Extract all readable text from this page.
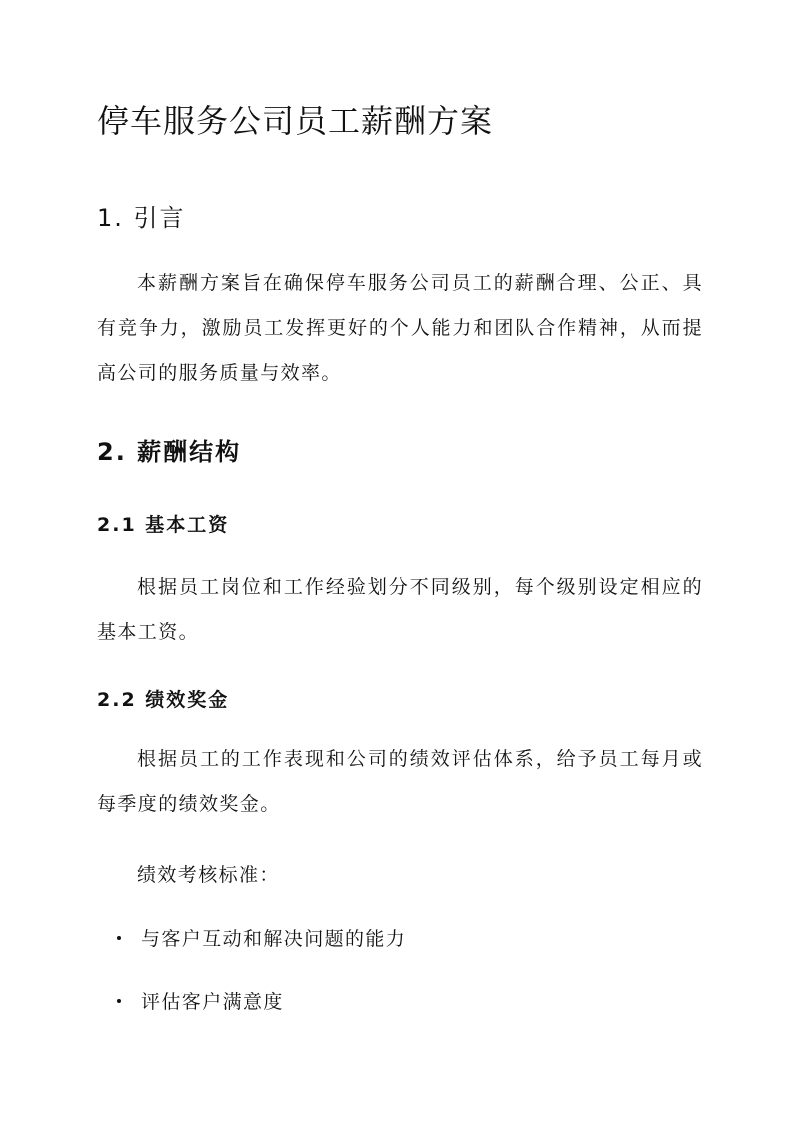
停车服务公司员工薪酬方案
1. 引言

本薪酬方案旨在确保停车服务公司员工的薪酬合理、公正、具有竞争力，激励员工发挥更好的个人能力和团队合作精神，从而提高公司的服务质量与效率。

2. 薪酬结构
2.1 基本工资

根据员工岗位和工作经验划分不同级别，每个级别设定相应的基本工资。

2.2 绩效奖金

根据员工的工作表现和公司的绩效评估体系，给予员工每月或每季度的绩效奖金。

绩效考核标准：

与客户互动和解决问题的能力
评估客户满意度
